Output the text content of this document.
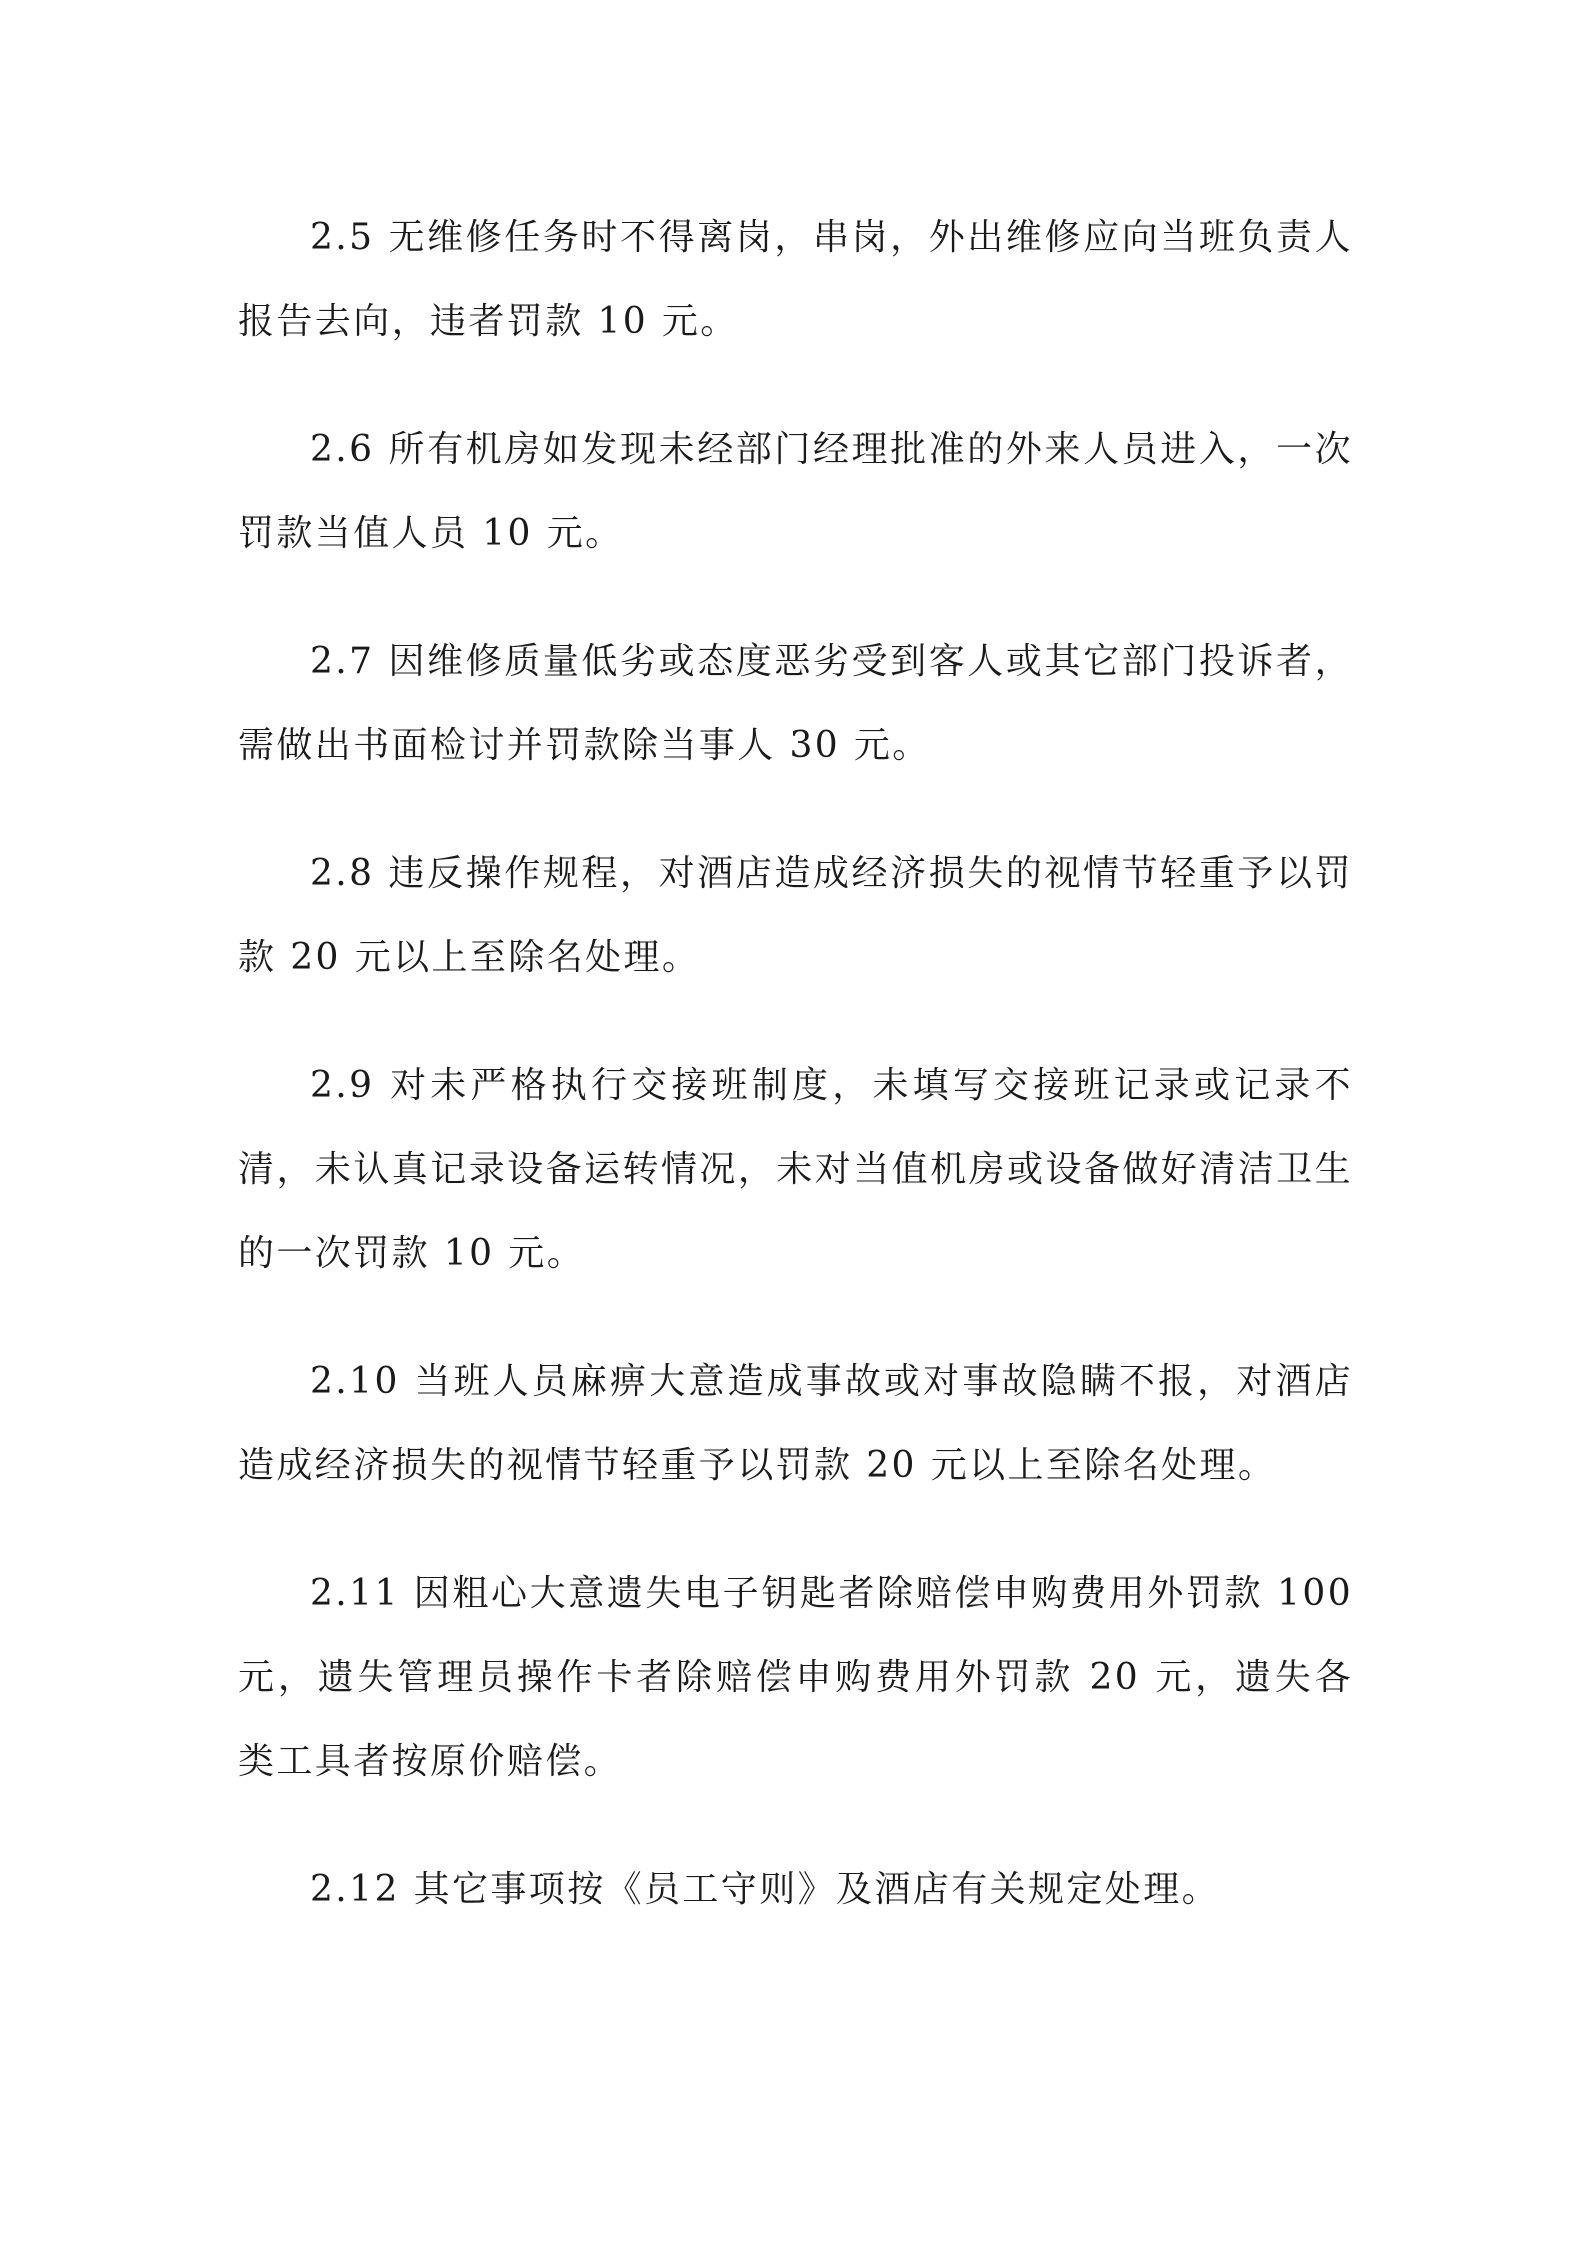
2.5 无维修任务时不得离岗，串岗，外出维修应向当班负责人报告去向，违者罚款 10 元。

2.6 所有机房如发现未经部门经理批准的外来人员进入，一次罚款当值人员 10 元。

2.7 因维修质量低劣或态度恶劣受到客人或其它部门投诉者，需做出书面检讨并罚款除当事人 30 元。

2.8 违反操作规程，对酒店造成经济损失的视情节轻重予以罚款 20 元以上至除名处理。

2.9 对未严格执行交接班制度，未填写交接班记录或记录不清，未认真记录设备运转情况，未对当值机房或设备做好清洁卫生的一次罚款 10 元。

2.10 当班人员麻痹大意造成事故或对事故隐瞒不报，对酒店造成经济损失的视情节轻重予以罚款 20 元以上至除名处理。

2.11 因粗心大意遗失电子钥匙者除赔偿申购费用外罚款 100 元，遗失管理员操作卡者除赔偿申购费用外罚款 20 元，遗失各类工具者按原价赔偿。

2.12 其它事项按《员工守则》及酒店有关规定处理。
